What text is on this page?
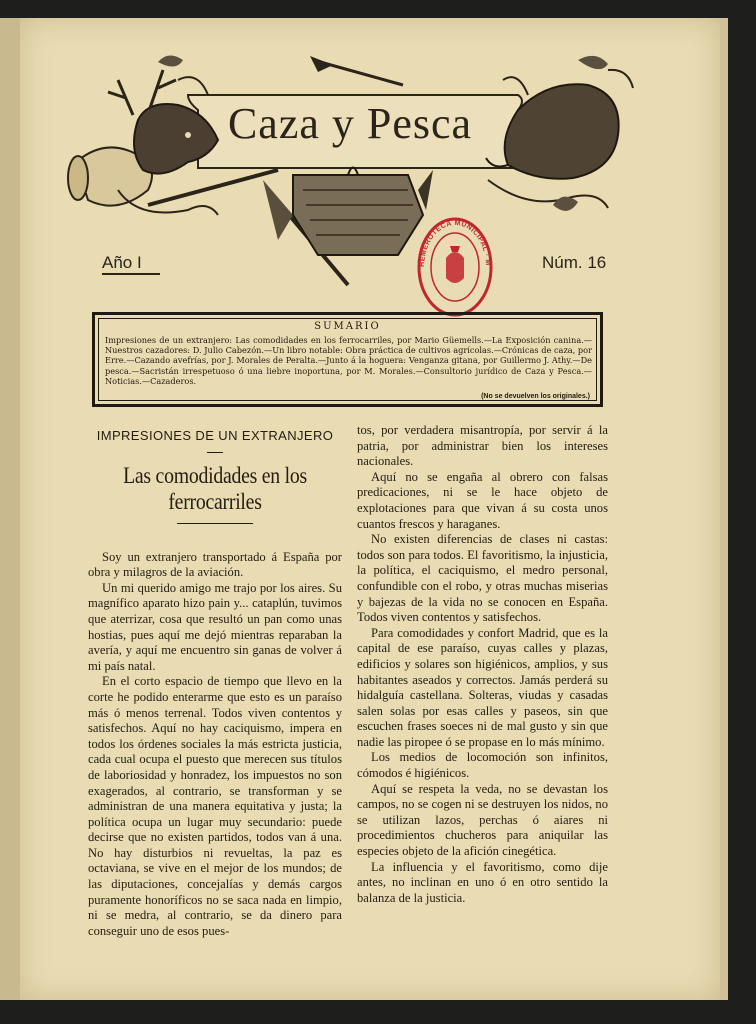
Caza y Pesca
Año I	Núm. 16
HEMEROTECA MUNICIPAL · M
SUMARIO
Impresiones de un extranjero: Las comodidades en los ferrocarriles, por Mario Güemells.—La Exposición canina.—Nuestros cazadores: D. Julio Cabezón.—Un libro notable: Obra práctica de cultivos agrícolas.—Crónicas de caza, por Erre.—Cazando avefrías, por J. Morales de Peralta.—Junto á la hoguera: Venganza gitana, por Guillermo J. Athy.—De pesca.—Sacristán irrespetuoso ó una liebre inoportuna, por M. Morales.—Consultorio jurídico de Caza y Pesca.—Noticias.—Cazaderos.
(No se devuelven los originales.)
IMPRESIONES DE UN EXTRANJERO
Las comodidades en los ferrocarriles

Soy un extranjero transportado á España por obra y milagros de la aviación.

Un mi querido amigo me trajo por los aires. Su magnífico aparato hizo pain y... cataplún, tuvimos que aterrizar, cosa que resultó un pan como unas hostias, pues aquí me dejó mientras reparaban la avería, y aquí me encuentro sin ganas de volver á mi país natal.

En el corto espacio de tiempo que llevo en la corte he podido enterarme que esto es un paraíso más ó menos terrenal. Todos viven contentos y satisfechos. Aquí no hay caciquismo, impera en todos los órdenes sociales la más estricta justicia, cada cual ocupa el puesto que merecen sus títulos de laboriosidad y honradez, los impuestos no son exagerados, al contrario, se transforman y se administran de una manera equitativa y justa; la política ocupa un lugar muy secundario: puede decirse que no existen partidos, todos van á una. No hay disturbios ni revueltas, la paz es octaviana, se vive en el mejor de los mundos; de las diputaciones, concejalías y demás cargos puramente honoríficos no se saca nada en limpio, ni se medra, al contrario, se da dinero para conseguir uno de esos pues-

tos, por verdadera misantropía, por servir á la patria, por administrar bien los intereses nacionales.

Aquí no se engaña al obrero con falsas predicaciones, ni se le hace objeto de explotaciones para que vivan á su costa unos cuantos frescos y haraganes.

No existen diferencias de clases ni castas: todos son para todos. El favoritismo, la injusticia, la política, el caciquismo, el medro personal, confundible con el robo, y otras muchas miserias y bajezas de la vida no se conocen en España. Todos viven contentos y satisfechos.

Para comodidades y confort Madrid, que es la capital de ese paraíso, cuyas calles y plazas, edificios y solares son higiénicos, amplios, y sus habitantes aseados y correctos. Jamás perderá su hidalguía castellana. Solteras, viudas y casadas salen solas por esas calles y paseos, sin que escuchen frases soeces ni de mal gusto y sin que nadie las piropee ó se propase en lo más mínimo.

Los medios de locomoción son infinitos, cómodos é higiénicos.

Aquí se respeta la veda, no se devastan los campos, no se cogen ni se destruyen los nidos, no se utilizan lazos, perchas ó aiares ni procedimientos chucheros para aniquilar las especies objeto de la afición cinegética.

La influencia y el favoritismo, como dije antes, no inclinan en uno ó en otro sentido la balanza de la justicia.
